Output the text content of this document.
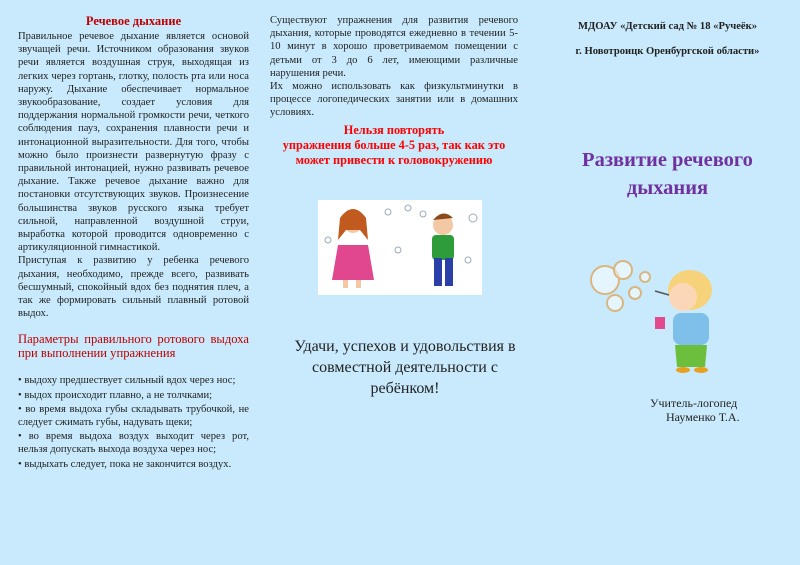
Речевое дыхание

Правильное речевое дыхание является основой звучащей речи. Источником образования звуков речи является воздушная струя, выходящая из легких через гортань, глотку, полость рта или носа наружу. Дыхание обеспечивает нормальное звукообразование, создает условия для поддержания нормальной громкости речи, четкого соблюдения пауз, сохранения плавности речи и интонационной выразительности. Для того, чтобы можно было произнести развернутую фразу с правильной интонацией, нужно развивать речевое дыхание. Также речевое дыхание важно для постановки отсутствующих звуков. Произнесение большинства звуков русского языка требует сильной, направленной воздушной струи, выработка которой проводится одновременно с артикуляционной гимнастикой.

Приступая к развитию у ребенка речевого дыхания, необходимо, прежде всего, развивать бесшумный, спокойный вдох без поднятия плеч, а так же формировать сильный плавный ротовой выдох.

Параметры правильного ротового выдоха при выполнении упражнения

• выдоху предшествует сильный вдох через нос;

• выдох происходит плавно, а не толчками;

• во время выдоха губы складывать трубочкой, не следует сжимать губы, надувать щеки;

• во время выдоха воздух выходит через рот, нельзя допускать выхода воздуха через нос;

• выдыхать следует, пока не закончится воздух.

Существуют упражнения для развития речевого дыхания, которые проводятся ежедневно в течении 5-10 минут в хорошо проветриваемом помещении с детьми от 3 до 6 лет, имеющими различные нарушения речи.

Их можно использовать как физкультминутки в процессе логопедических занятии или в домашних условиях.

Нельзя повторять
упражнения больше 4-5 раз, так как это
может привести к головокружению
Удачи, успехов и удовольствия в совместной деятельности с ребёнком!
МДОАУ «Детский сад № 18 «Ручеёк»
г. Новотроицк Оренбургской области»
Развитие речевого дыхания
Учитель-логопед
Науменко Т.А.
